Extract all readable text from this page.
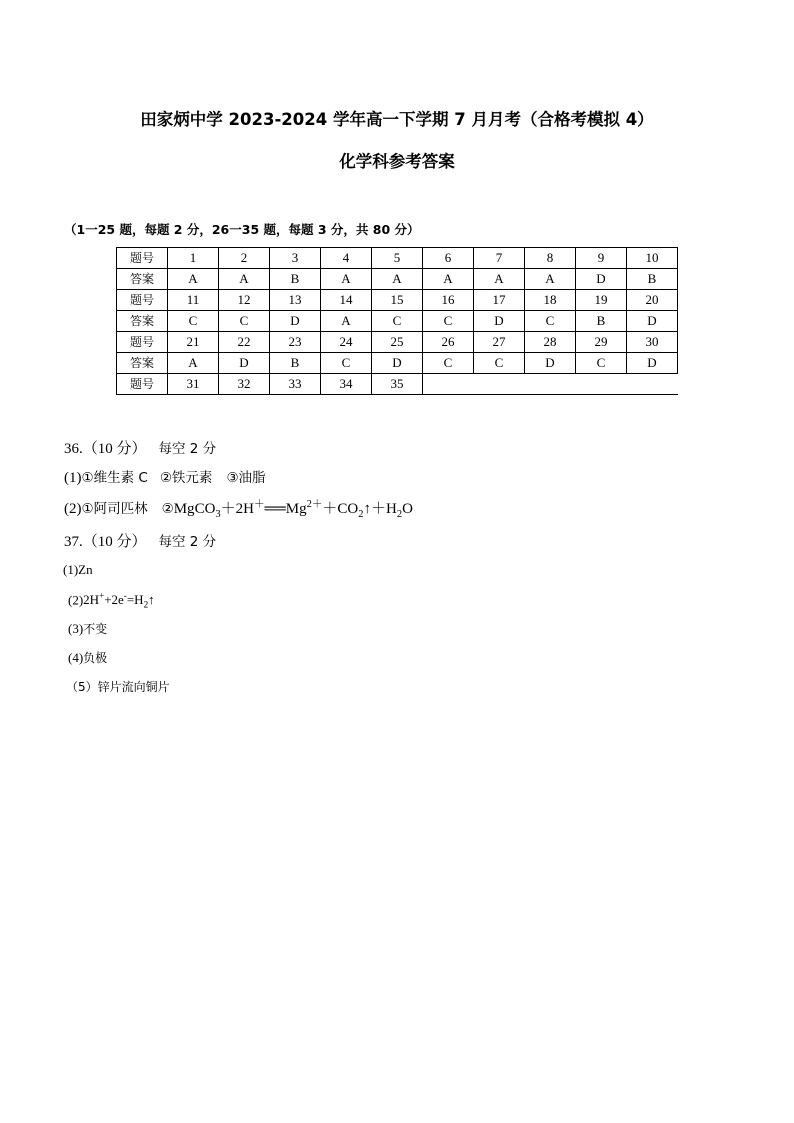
田家炳中学 2023-2024 学年高一下学期 7 月月考（合格考模拟 4）
化学科参考答案
（1一25 题，每题 2 分，26一35 题，每题 3 分，共 80 分）
题号	1	2	3	4	5	6	7	8	9	10
答案	A	A	B	A	A	A	A	A	D	B
题号	11	12	13	14	15	16	17	18	19	20
答案	C	C	D	A	C	C	D	C	B	D
题号	21	22	23	24	25	26	27	28	29	30
答案	A	D	B	C	D	C	C	D	C	D
题号	31	32	33	34	35					
36.（10 分） 每空 2 分
(1)①维生素 C ②铁元素 ③油脂
(2)①阿司匹林 $②MgCO_3+2H^+══Mg^{2+}+CO_2↑+H_2O$
37.（10 分） 每空 2 分
(1)Zn
$(2)2H^++2e^-=H_2↑$
(3)不变
(4)负极
（5）锌片流向铜片
